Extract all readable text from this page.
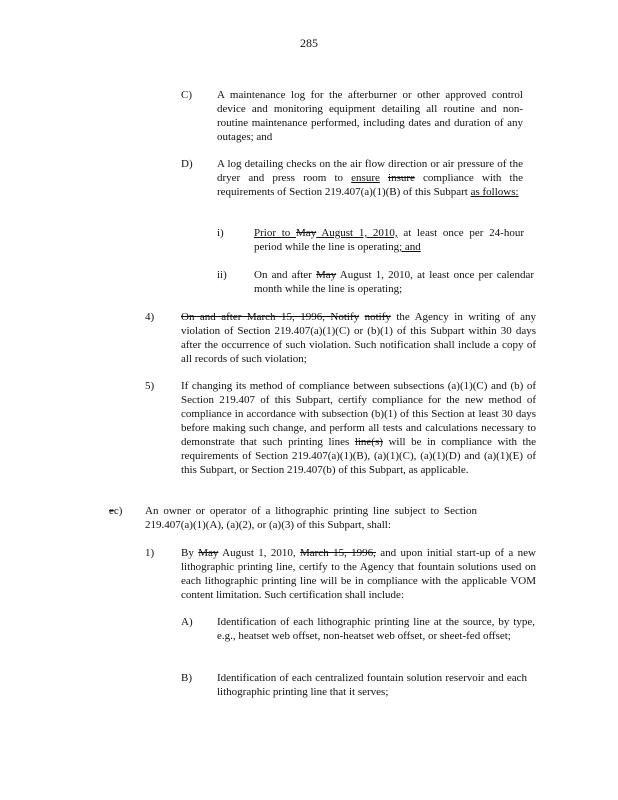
285
C) A maintenance log for the afterburner or other approved control device and monitoring equipment detailing all routine and non-routine maintenance performed, including dates and duration of any outages; and
D) A log detailing checks on the air flow direction or air pressure of the dryer and press room to ensure insure compliance with the requirements of Section 219.407(a)(1)(B) of this Subpart as follows:
i)	Prior to May August 1, 2010, at least once per 24-hour period while the line is operating; and
ii) On and after May August 1, 2010, at least once per calendar month while the line is operating;
4) On and after March 15, 1996, Notify notify the Agency in writing of any violation of Section 219.407(a)(1)(C) or (b)(1) of this Subpart within 30 days after the occurrence of such violation. Such notification shall include a copy of all records of such violation;
5) If changing its method of compliance between subsections (a)(1)(C) and (b) of Section 219.407 of this Subpart, certify compliance for the new method of compliance in accordance with subsection (b)(1) of this Section at least 30 days before making such change, and perform all tests and calculations necessary to demonstrate that such printing lines line(s) will be in compliance with the requirements of Section 219.407(a)(1)(B), (a)(1)(C), (a)(1)(D) and (a)(1)(E) of this Subpart, or Section 219.407(b) of this Subpart, as applicable.
ec) An owner or operator of a lithographic printing line subject to Section 219.407(a)(1)(A), (a)(2), or (a)(3) of this Subpart, shall:
1) By May August 1, 2010, March 15, 1996, and upon initial start-up of a new lithographic printing line, certify to the Agency that fountain solutions used on each lithographic printing line will be in compliance with the applicable VOM content limitation. Such certification shall include:
A) Identification of each lithographic printing line at the source, by type, e.g., heatset web offset, non-heatset web offset, or sheet-fed offset;
B) Identification of each centralized fountain solution reservoir and each lithographic printing line that it serves;
